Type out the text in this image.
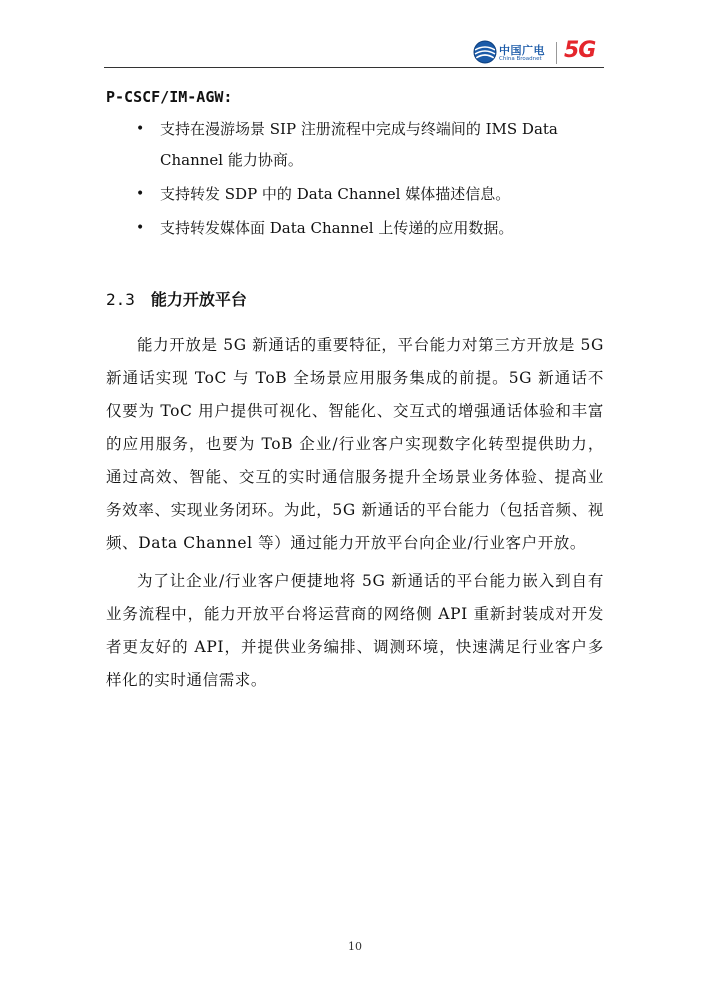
中国广电
China Broadnet 5G
P-CSCF/IM-AGW:
• 支持在漫游场景 SIP 注册流程中完成与终端间的 IMS Data Channel 能力协商。
• 支持转发 SDP 中的 Data Channel 媒体描述信息。
• 支持转发媒体面 Data Channel 上传递的应用数据。
2.3 能力开放平台

能力开放是 5G 新通话的重要特征，平台能力对第三方开放是 5G 新通话实现 ToC 与 ToB 全场景应用服务集成的前提。5G 新通话不仅要为 ToC 用户提供可视化、智能化、交互式的增强通话体验和丰富的应用服务，也要为 ToB 企业/行业客户实现数字化转型提供助力，通过高效、智能、交互的实时通信服务提升全场景业务体验、提高业务效率、实现业务闭环。为此，5G 新通话的平台能力（包括音频、视频、Data Channel 等）通过能力开放平台向企业/行业客户开放。

为了让企业/行业客户便捷地将 5G 新通话的平台能力嵌入到自有业务流程中，能力开放平台将运营商的网络侧 API 重新封装成对开发者更友好的 API，并提供业务编排、调测环境，快速满足行业客户多样化的实时通信需求。

10
